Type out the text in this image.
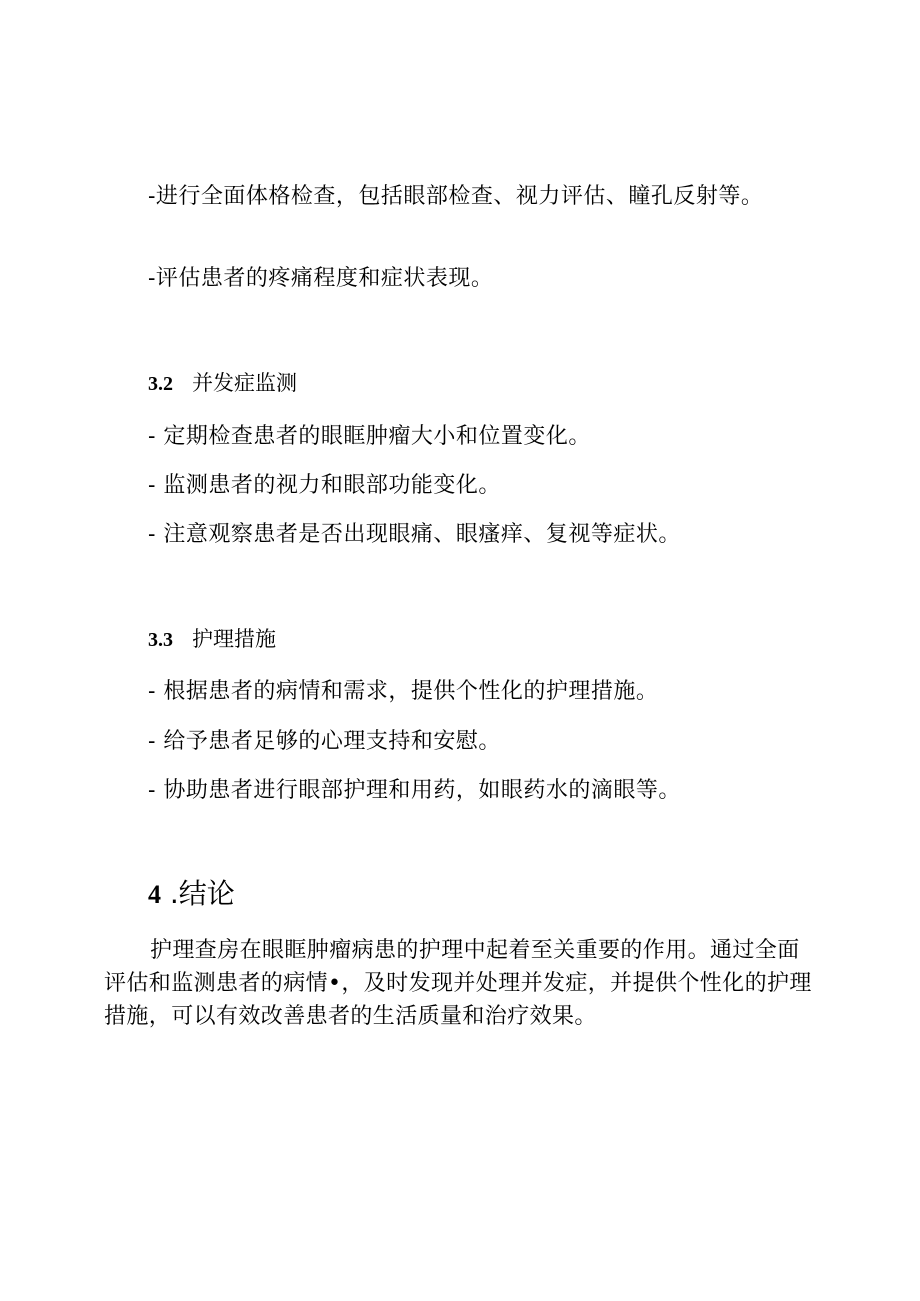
-进行全面体格检查，包括眼部检查、视力评估、瞳孔反射等。
-评估患者的疼痛程度和症状表现。
3.2 并发症监测
- 定期检查患者的眼眶肿瘤大小和位置变化。
- 监测患者的视力和眼部功能变化。
- 注意观察患者是否出现眼痛、眼瘙痒、复视等症状。
3.3 护理措施
- 根据患者的病情和需求，提供个性化的护理措施。
- 给予患者足够的心理支持和安慰。
- 协助患者进行眼部护理和用药，如眼药水的滴眼等。
4 .结论

护理查房在眼眶肿瘤病患的护理中起着至关重要的作用。通过全面评估和监测患者的病情•，及时发现并处理并发症，并提供个性化的护理措施，可以有效改善患者的生活质量和治疗效果。
